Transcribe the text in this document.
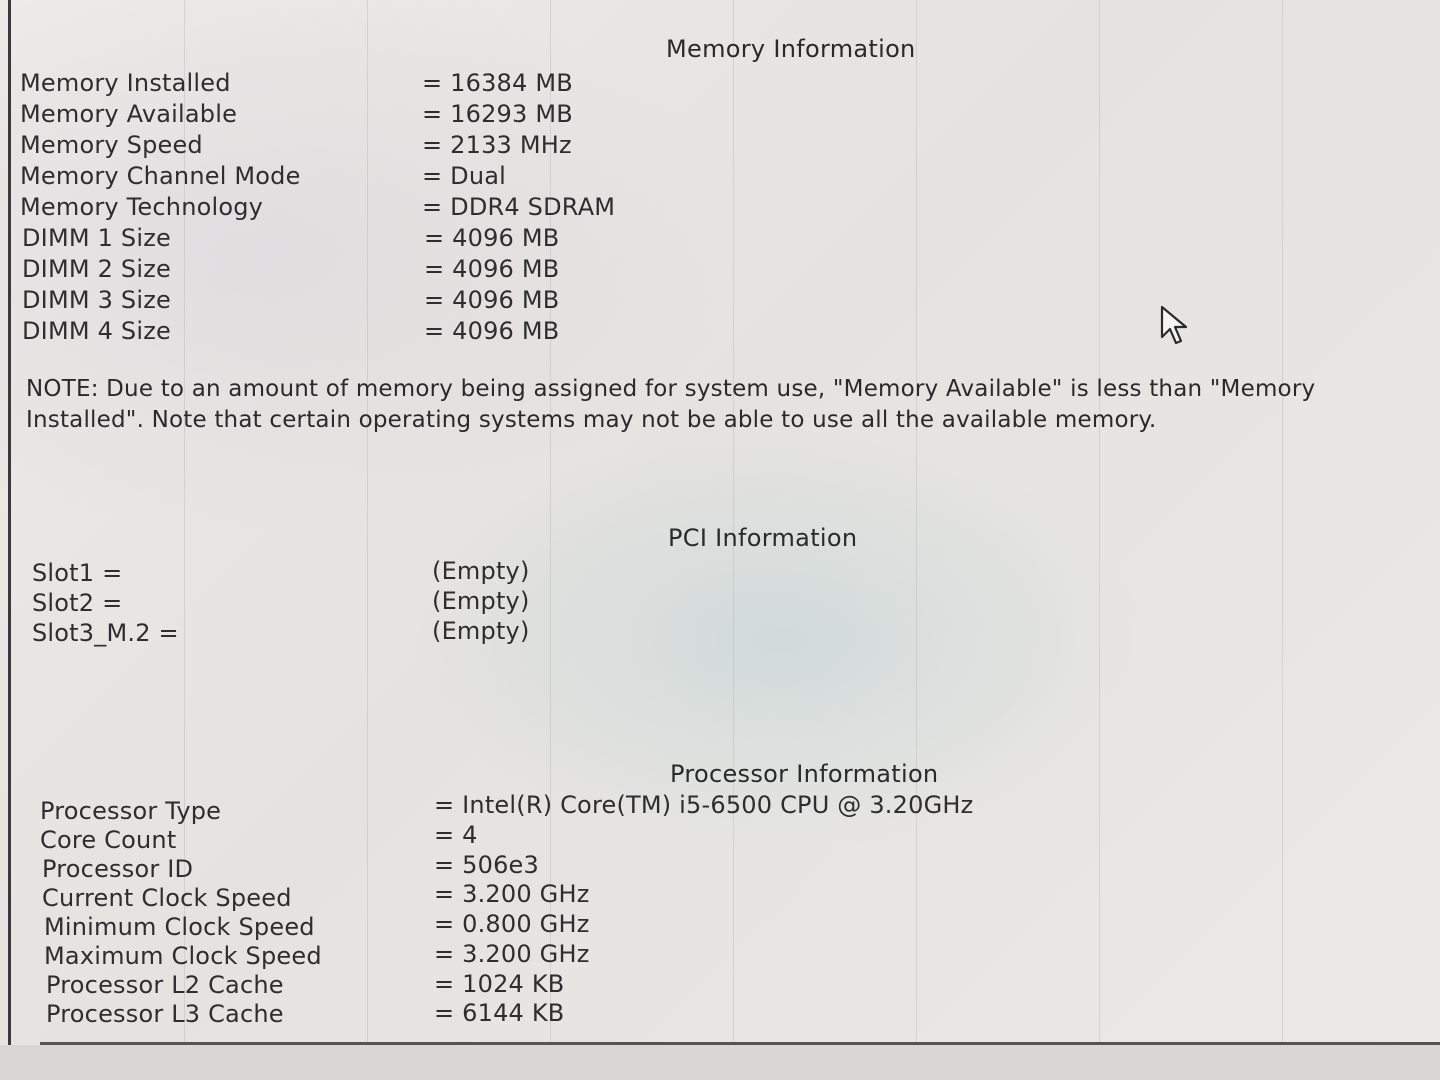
Memory Information
Memory Installed	= 16384 MB
Memory Available	= 16293 MB
Memory Speed	= 2133 MHz
Memory Channel Mode	= Dual
Memory Technology	= DDR4 SDRAM
DIMM 1 Size	= 4096 MB
DIMM 2 Size	= 4096 MB
DIMM 3 Size	= 4096 MB
DIMM 4 Size	= 4096 MB
NOTE: Due to an amount of memory being assigned for system use, "Memory Available" is less than "Memory Installed". Note that certain operating systems may not be able to use all the available memory.
PCI Information
Slot1 =	(Empty)
Slot2 =	(Empty)
Slot3_M.2 =	(Empty)
Processor Information
Processor Type	= Intel(R) Core(TM) i5-6500 CPU @ 3.20GHz
Core Count	= 4
Processor ID	= 506e3
Current Clock Speed	= 3.200 GHz
Minimum Clock Speed	= 0.800 GHz
Maximum Clock Speed	= 3.200 GHz
Processor L2 Cache	= 1024 KB
Processor L3 Cache	= 6144 KB
